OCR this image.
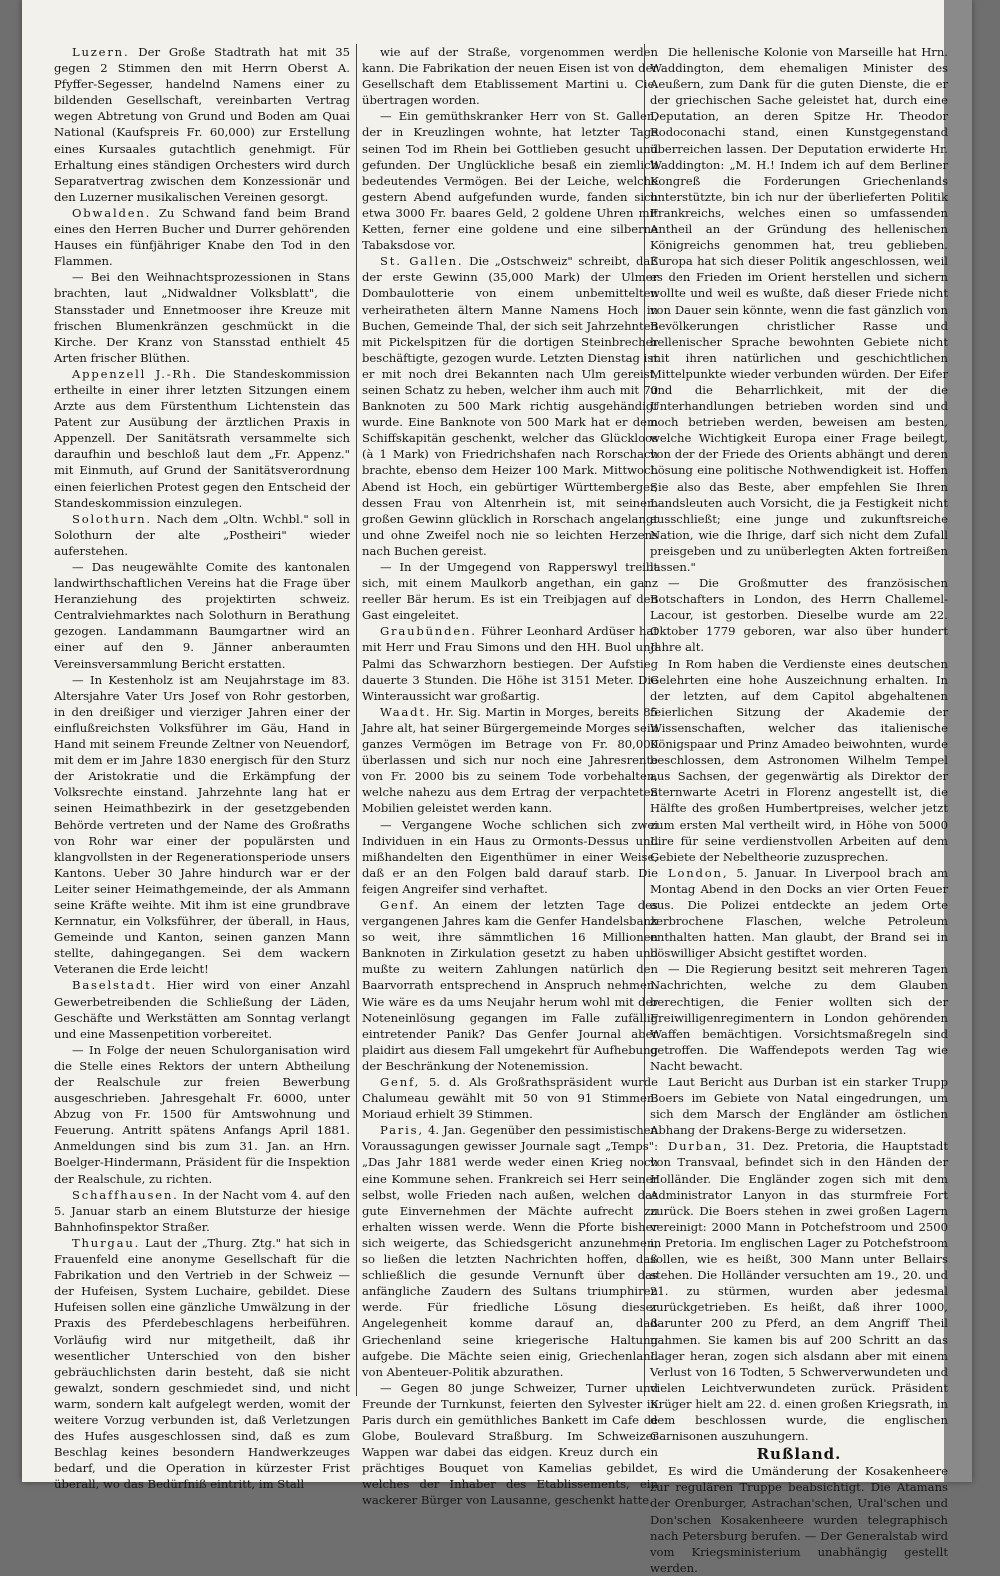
Luzern. Der Große Stadtrath hat mit 35 gegen 2 Stimmen den mit Herrn Oberst A. Pfyffer-Segesser, handelnd Namens einer zu bildenden Gesellschaft, vereinbarten Vertrag wegen Abtretung von Grund und Boden am Quai National (Kaufspreis Fr. 60,000) zur Erstellung eines Kursaales gutachtlich genehmigt. Für Erhaltung eines ständigen Orchesters wird durch Separatvertrag zwischen dem Konzessionär und den Luzerner musikalischen Vereinen gesorgt.

Obwalden. Zu Schwand fand beim Brand eines den Herren Bucher und Durrer gehörenden Hauses ein fünfjähriger Knabe den Tod in den Flammen.

— Bei den Weihnachtsprozessionen in Stans brachten, laut „Nidwaldner Volksblatt", die Stansstader und Ennetmooser ihre Kreuze mit frischen Blumenkränzen geschmückt in die Kirche. Der Kranz von Stansstad enthielt 45 Arten frischer Blüthen.

Appenzell J.-Rh. Die Standeskommission ertheilte in einer ihrer letzten Sitzungen einem Arzte aus dem Fürstenthum Lichtenstein das Patent zur Ausübung der ärztlichen Praxis in Appenzell. Der Sanitätsrath versammelte sich daraufhin und beschloß laut dem „Fr. Appenz." mit Einmuth, auf Grund der Sanitätsverordnung einen feierlichen Protest gegen den Entscheid der Standeskommission einzulegen.

Solothurn. Nach dem „Oltn. Wchbl." soll in Solothurn der alte „Postheiri" wieder auferstehen.

— Das neugewählte Comite des kantonalen landwirthschaftlichen Vereins hat die Frage über Heranziehung des projektirten schweiz. Centralviehmarktes nach Solothurn in Berathung gezogen. Landammann Baumgartner wird an einer auf den 9. Jänner anberaumten Vereinsversammlung Bericht erstatten.

— In Kestenholz ist am Neujahrstage im 83. Altersjahre Vater Urs Josef von Rohr gestorben, in den dreißiger und vierziger Jahren einer der einflußreichsten Volksführer im Gäu, Hand in Hand mit seinem Freunde Zeltner von Neuendorf, mit dem er im Jahre 1830 energisch für den Sturz der Aristokratie und die Erkämpfung der Volksrechte einstand. Jahrzehnte lang hat er seinen Heimathbezirk in der gesetzgebenden Behörde vertreten und der Name des Großraths von Rohr war einer der populärsten und klangvollsten in der Regenerationsperiode unsers Kantons. Ueber 30 Jahre hindurch war er der Leiter seiner Heimathgemeinde, der als Ammann seine Kräfte weihte. Mit ihm ist eine grundbrave Kernnatur, ein Volksführer, der überall, in Haus, Gemeinde und Kanton, seinen ganzen Mann stellte, dahingegangen. Sei dem wackern Veteranen die Erde leicht!

Baselstadt. Hier wird von einer Anzahl Gewerbetreibenden die Schließung der Läden, Geschäfte und Werkstätten am Sonntag verlangt und eine Massenpetition vorbereitet.

— In Folge der neuen Schulorganisation wird die Stelle eines Rektors der untern Abtheilung der Realschule zur freien Bewerbung ausgeschrieben. Jahresgehalt Fr. 6000, unter Abzug von Fr. 1500 für Amtswohnung und Feuerung. Antritt spätens Anfangs April 1881. Anmeldungen sind bis zum 31. Jan. an Hrn. Boelger-Hindermann, Präsident für die Inspektion der Realschule, zu richten.

Schaffhausen. In der Nacht vom 4. auf den 5. Januar starb an einem Blutsturze der hiesige Bahnhofinspektor Straßer.

Thurgau. Laut der „Thurg. Ztg." hat sich in Frauenfeld eine anonyme Gesellschaft für die Fabrikation und den Vertrieb in der Schweiz — der Hufeisen, System Luchaire, gebildet. Diese Hufeisen sollen eine gänzliche Umwälzung in der Praxis des Pferdebeschlagens herbeiführen. Vorläufig wird nur mitgetheilt, daß ihr wesentlicher Unterschied von den bisher gebräuchlichsten darin besteht, daß sie nicht gewalzt, sondern geschmiedet sind, und nicht warm, sondern kalt aufgelegt werden, womit der weitere Vorzug verbunden ist, daß Verletzungen des Hufes ausgeschlossen sind, daß es zum Beschlag keines besondern Handwerkzeuges bedarf, und die Operation in kürzester Frist überall, wo das Bedürfniß eintritt, im Stall

wie auf der Straße, vorgenommen werden kann. Die Fabrikation der neuen Eisen ist von der Gesellschaft dem Etablissement Martini u. Cie. übertragen worden.

— Ein gemüthskranker Herr von St. Gallen, der in Kreuzlingen wohnte, hat letzter Tage seinen Tod im Rhein bei Gottlieben gesucht und gefunden. Der Unglückliche besaß ein ziemlich bedeutendes Vermögen. Bei der Leiche, welche gestern Abend aufgefunden wurde, fanden sich etwa 3000 Fr. baares Geld, 2 goldene Uhren mit Ketten, ferner eine goldene und eine silberne Tabaksdose vor.

St. Gallen. Die „Ostschweiz" schreibt, daß der erste Gewinn (35,000 Mark) der Ulmer Dombaulotterie von einem unbemittelten verheiratheten ältern Manne Namens Hoch in Buchen, Gemeinde Thal, der sich seit Jahrzehnten mit Pickelspitzen für die dortigen Steinbrecher beschäftigte, gezogen wurde. Letzten Dienstag ist er mit noch drei Bekannten nach Ulm gereist, seinen Schatz zu heben, welcher ihm auch mit 70 Banknoten zu 500 Mark richtig ausgehändigt wurde. Eine Banknote von 500 Mark hat er dem Schiffskapitän geschenkt, welcher das Glückloos (à 1 Mark) von Friedrichshafen nach Rorschach brachte, ebenso dem Heizer 100 Mark. Mittwoch Abend ist Hoch, ein gebürtiger Württemberger, dessen Frau von Altenrhein ist, mit seinem großen Gewinn glücklich in Rorschach angelangt und ohne Zweifel noch nie so leichten Herzens nach Buchen gereist.

— In der Umgegend von Rapperswyl treibt sich, mit einem Maulkorb angethan, ein ganz reeller Bär herum. Es ist ein Treibjagen auf den Gast eingeleitet.

Graubünden. Führer Leonhard Ardüser hat mit Herr und Frau Simons und den HH. Buol und Palmi das Schwarzhorn bestiegen. Der Aufstieg dauerte 3 Stunden. Die Höhe ist 3151 Meter. Die Winteraussicht war großartig.

Waadt. Hr. Sig. Martin in Morges, bereits 85 Jahre alt, hat seiner Bürgergemeinde Morges sein ganzes Vermögen im Betrage von Fr. 80,000 überlassen und sich nur noch eine Jahresrente von Fr. 2000 bis zu seinem Tode vorbehalten, welche nahezu aus dem Ertrag der verpachteten Mobilien geleistet werden kann.

— Vergangene Woche schlichen sich zwei Individuen in ein Haus zu Ormonts-Dessus und mißhandelten den Eigenthümer in einer Weise, daß er an den Folgen bald darauf starb. Die feigen Angreifer sind verhaftet.

Genf. An einem der letzten Tage des vergangenen Jahres kam die Genfer Handelsbank so weit, ihre sämmtlichen 16 Millionen Banknoten in Zirkulation gesetzt zu haben und mußte zu weitern Zahlungen natürlich den Baarvorrath entsprechend in Anspruch nehmen. Wie wäre es da ums Neujahr herum wohl mit der Noteneinlösung gegangen im Falle zufällig eintretender Panik? Das Genfer Journal aber plaidirt aus diesem Fall umgekehrt für Aufhebung der Beschränkung der Notenemission.

Genf, 5. d. Als Großrathspräsident wurde Chalumeau gewählt mit 50 von 91 Stimmen. Moriaud erhielt 39 Stimmen.

Paris, 4. Jan. Gegenüber den pessimistischen Voraussagungen gewisser Journale sagt „Temps": „Das Jahr 1881 werde weder einen Krieg noch eine Kommune sehen. Frankreich sei Herr seiner selbst, wolle Frieden nach außen, welchen das gute Einvernehmen der Mächte aufrecht zu erhalten wissen werde. Wenn die Pforte bisher sich weigerte, das Schiedsgericht anzunehmen, so ließen die letzten Nachrichten hoffen, daß schließlich die gesunde Vernunft über das anfängliche Zaudern des Sultans triumphiren werde. Für friedliche Lösung dieser Angelegenheit komme darauf an, daß Griechenland seine kriegerische Haltung aufgebe. Die Mächte seien einig, Griechenland von Abenteuer-Politik abzurathen.

— Gegen 80 junge Schweizer, Turner und Freunde der Turnkunst, feierten den Sylvester in Paris durch ein gemüthliches Bankett im Cafe de Globe, Boulevard Straßburg. Im Schweizer Wappen war dabei das eidgen. Kreuz durch ein prächtiges Bouquet von Kamelias gebildet, welches der Inhaber des Etablissements, ein wackerer Bürger von Lausanne, geschenkt hatte.

Die hellenische Kolonie von Marseille hat Hrn. Waddington, dem ehemaligen Minister des Aeußern, zum Dank für die guten Dienste, die er der griechischen Sache geleistet hat, durch eine Deputation, an deren Spitze Hr. Theodor Rodoconachi stand, einen Kunstgegenstand überreichen lassen. Der Deputation erwiderte Hr. Waddington: „M. H.! Indem ich auf dem Berliner Kongreß die Forderungen Griechenlands unterstützte, bin ich nur der überlieferten Politik Frankreichs, welches einen so umfassenden Antheil an der Gründung des hellenischen Königreichs genommen hat, treu geblieben. Europa hat sich dieser Politik angeschlossen, weil es den Frieden im Orient herstellen und sichern wollte und weil es wußte, daß dieser Friede nicht von Dauer sein könnte, wenn die fast gänzlich von Bevölkerungen christlicher Rasse und hellenischer Sprache bewohnten Gebiete nicht mit ihren natürlichen und geschichtlichen Mittelpunkte wieder verbunden würden. Der Eifer und die Beharrlichkeit, mit der die Unterhandlungen betrieben worden sind und noch betrieben werden, beweisen am besten, welche Wichtigkeit Europa einer Frage beilegt, von der der Friede des Orients abhängt und deren Lösung eine politische Nothwendigkeit ist. Hoffen Sie also das Beste, aber empfehlen Sie Ihren Landsleuten auch Vorsicht, die ja Festigkeit nicht ausschließt; eine junge und zukunftsreiche Nation, wie die Ihrige, darf sich nicht dem Zufall preisgeben und zu unüberlegten Akten fortreißen lassen."

— Die Großmutter des französischen Botschafters in London, des Herrn Challemel-Lacour, ist gestorben. Dieselbe wurde am 22. Oktober 1779 geboren, war also über hundert Jahre alt.

In Rom haben die Verdienste eines deutschen Gelehrten eine hohe Auszeichnung erhalten. In der letzten, auf dem Capitol abgehaltenen feierlichen Sitzung der Akademie der Wissenschaften, welcher das italienische Königspaar und Prinz Amadeo beiwohnten, wurde beschlossen, dem Astronomen Wilhelm Tempel aus Sachsen, der gegenwärtig als Direktor der Sternwarte Acetri in Florenz angestellt ist, die Hälfte des großen Humbertpreises, welcher jetzt zum ersten Mal vertheilt wird, in Höhe von 5000 Lire für seine verdienstvollen Arbeiten auf dem Gebiete der Nebeltheorie zuzusprechen.

London, 5. Januar. In Liverpool brach am Montag Abend in den Docks an vier Orten Feuer aus. Die Polizei entdeckte an jedem Orte zerbrochene Flaschen, welche Petroleum enthalten hatten. Man glaubt, der Brand sei in böswilliger Absicht gestiftet worden.

— Die Regierung besitzt seit mehreren Tagen Nachrichten, welche zu dem Glauben berechtigen, die Fenier wollten sich der Freiwilligenregimentern in London gehörenden Waffen bemächtigen. Vorsichtsmaßregeln sind getroffen. Die Waffendepots werden Tag wie Nacht bewacht.

Laut Bericht aus Durban ist ein starker Trupp Boers im Gebiete von Natal eingedrungen, um sich dem Marsch der Engländer am östlichen Abhang der Drakens-Berge zu widersetzen.

Durban, 31. Dez. Pretoria, die Hauptstadt von Transvaal, befindet sich in den Händen der Holländer. Die Engländer zogen sich mit dem Administrator Lanyon in das sturmfreie Fort zurück. Die Boers stehen in zwei großen Lagern vereinigt: 2000 Mann in Potchefstroom und 2500 in Pretoria. Im englischen Lager zu Potchefstroom sollen, wie es heißt, 300 Mann unter Bellairs stehen. Die Holländer versuchten am 19., 20. und 21. zu stürmen, wurden aber jedesmal zurückgetrieben. Es heißt, daß ihrer 1000, darunter 200 zu Pferd, an dem Angriff Theil nahmen. Sie kamen bis auf 200 Schritt an das Lager heran, zogen sich alsdann aber mit einem Verlust von 16 Todten, 5 Schwerverwundeten und vielen Leichtverwundeten zurück. Präsident Krüger hielt am 22. d. einen großen Kriegsrath, in dem beschlossen wurde, die englischen Garnisonen auszuhungern.

Rußland.

Es wird die Umänderung der Kosakenheere zur regulären Truppe beabsichtigt. Die Atamans der Orenburger, Astrachan'schen, Ural'schen und Don'schen Kosakenheere wurden telegraphisch nach Petersburg berufen. — Der Generalstab wird vom Kriegsministerium unabhängig gestellt werden.
